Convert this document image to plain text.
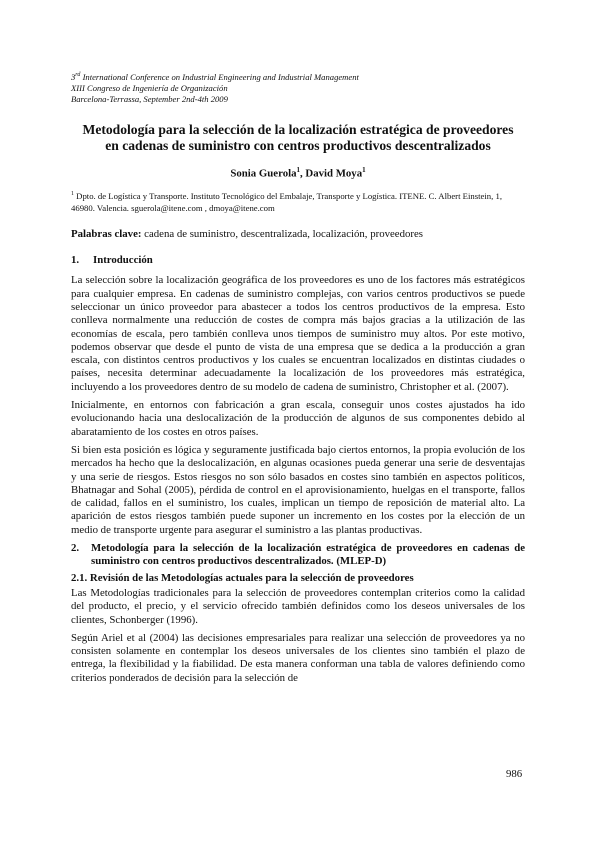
3rd International Conference on Industrial Engineering and Industrial Management
XIII Congreso de Ingeniería de Organización
Barcelona-Terrassa, September 2nd-4th 2009
Metodología para la selección de la localización estratégica de proveedores
en cadenas de suministro con centros productivos descentralizados
Sonia Guerola$^1$, David Moya$^1$
$^1$ Dpto. de Logística y Transporte. Instituto Tecnológico del Embalaje, Transporte y Logística. ITENE. C. Albert Einstein, 1, 46980. Valencia. sguerola@itene.com , dmoya@itene.com
Palabras clave: cadena de suministro, descentralizada, localización, proveedores
1. Introducción

La selección sobre la localización geográfica de los proveedores es uno de los factores más estratégicos para cualquier empresa. En cadenas de suministro complejas, con varios centros productivos se puede seleccionar un único proveedor para abastecer a todos los centros productivos de la empresa. Esto conlleva normalmente una reducción de costes de compra más bajos gracias a la utilización de las economías de escala, pero también conlleva unos tiempos de suministro muy altos. Por este motivo, podemos observar que desde el punto de vista de una empresa que se dedica a la producción a gran escala, con distintos centros productivos y los cuales se encuentran localizados en distintas ciudades o países, necesita determinar adecuadamente la localización de los proveedores más estratégica, incluyendo a los proveedores dentro de su modelo de cadena de suministro, Christopher et al. (2007).

Inicialmente, en entornos con fabricación a gran escala, conseguir unos costes ajustados ha ido evolucionando hacia una deslocalización de la producción de algunos de sus componentes debido al abaratamiento de los costes en otros países.

Si bien esta posición es lógica y seguramente justificada bajo ciertos entornos, la propia evolución de los mercados ha hecho que la deslocalización, en algunas ocasiones pueda generar una serie de desventajas y una serie de riesgos. Estos riesgos no son sólo basados en costes sino también en aspectos políticos, Bhatnagar and Sohal (2005), pérdida de control en el aprovisionamiento, huelgas en el transporte, fallos de calidad, fallos en el suministro, los cuales, implican un tiempo de reposición de material alto. La aparición de estos riesgos también puede suponer un incremento en los costes por la elección de un medio de transporte urgente para asegurar el suministro a las plantas productivas.

2.	Metodología para la selección de la localización estratégica de proveedores en cadenas de suministro con centros productivos descentralizados. (MLEP-D)
2.1. Revisión de las Metodologías actuales para la selección de proveedores

Las Metodologías tradicionales para la selección de proveedores contemplan criterios como la calidad del producto, el precio, y el servicio ofrecido también definidos como los deseos universales de los clientes, Schonberger (1996).

Según Ariel et al (2004) las decisiones empresariales para realizar una selección de proveedores ya no consisten solamente en contemplar los deseos universales de los clientes sino también el plazo de entrega, la flexibilidad y la fiabilidad. De esta manera conforman una tabla de valores definiendo como criterios ponderados de decisión para la selección de

986
